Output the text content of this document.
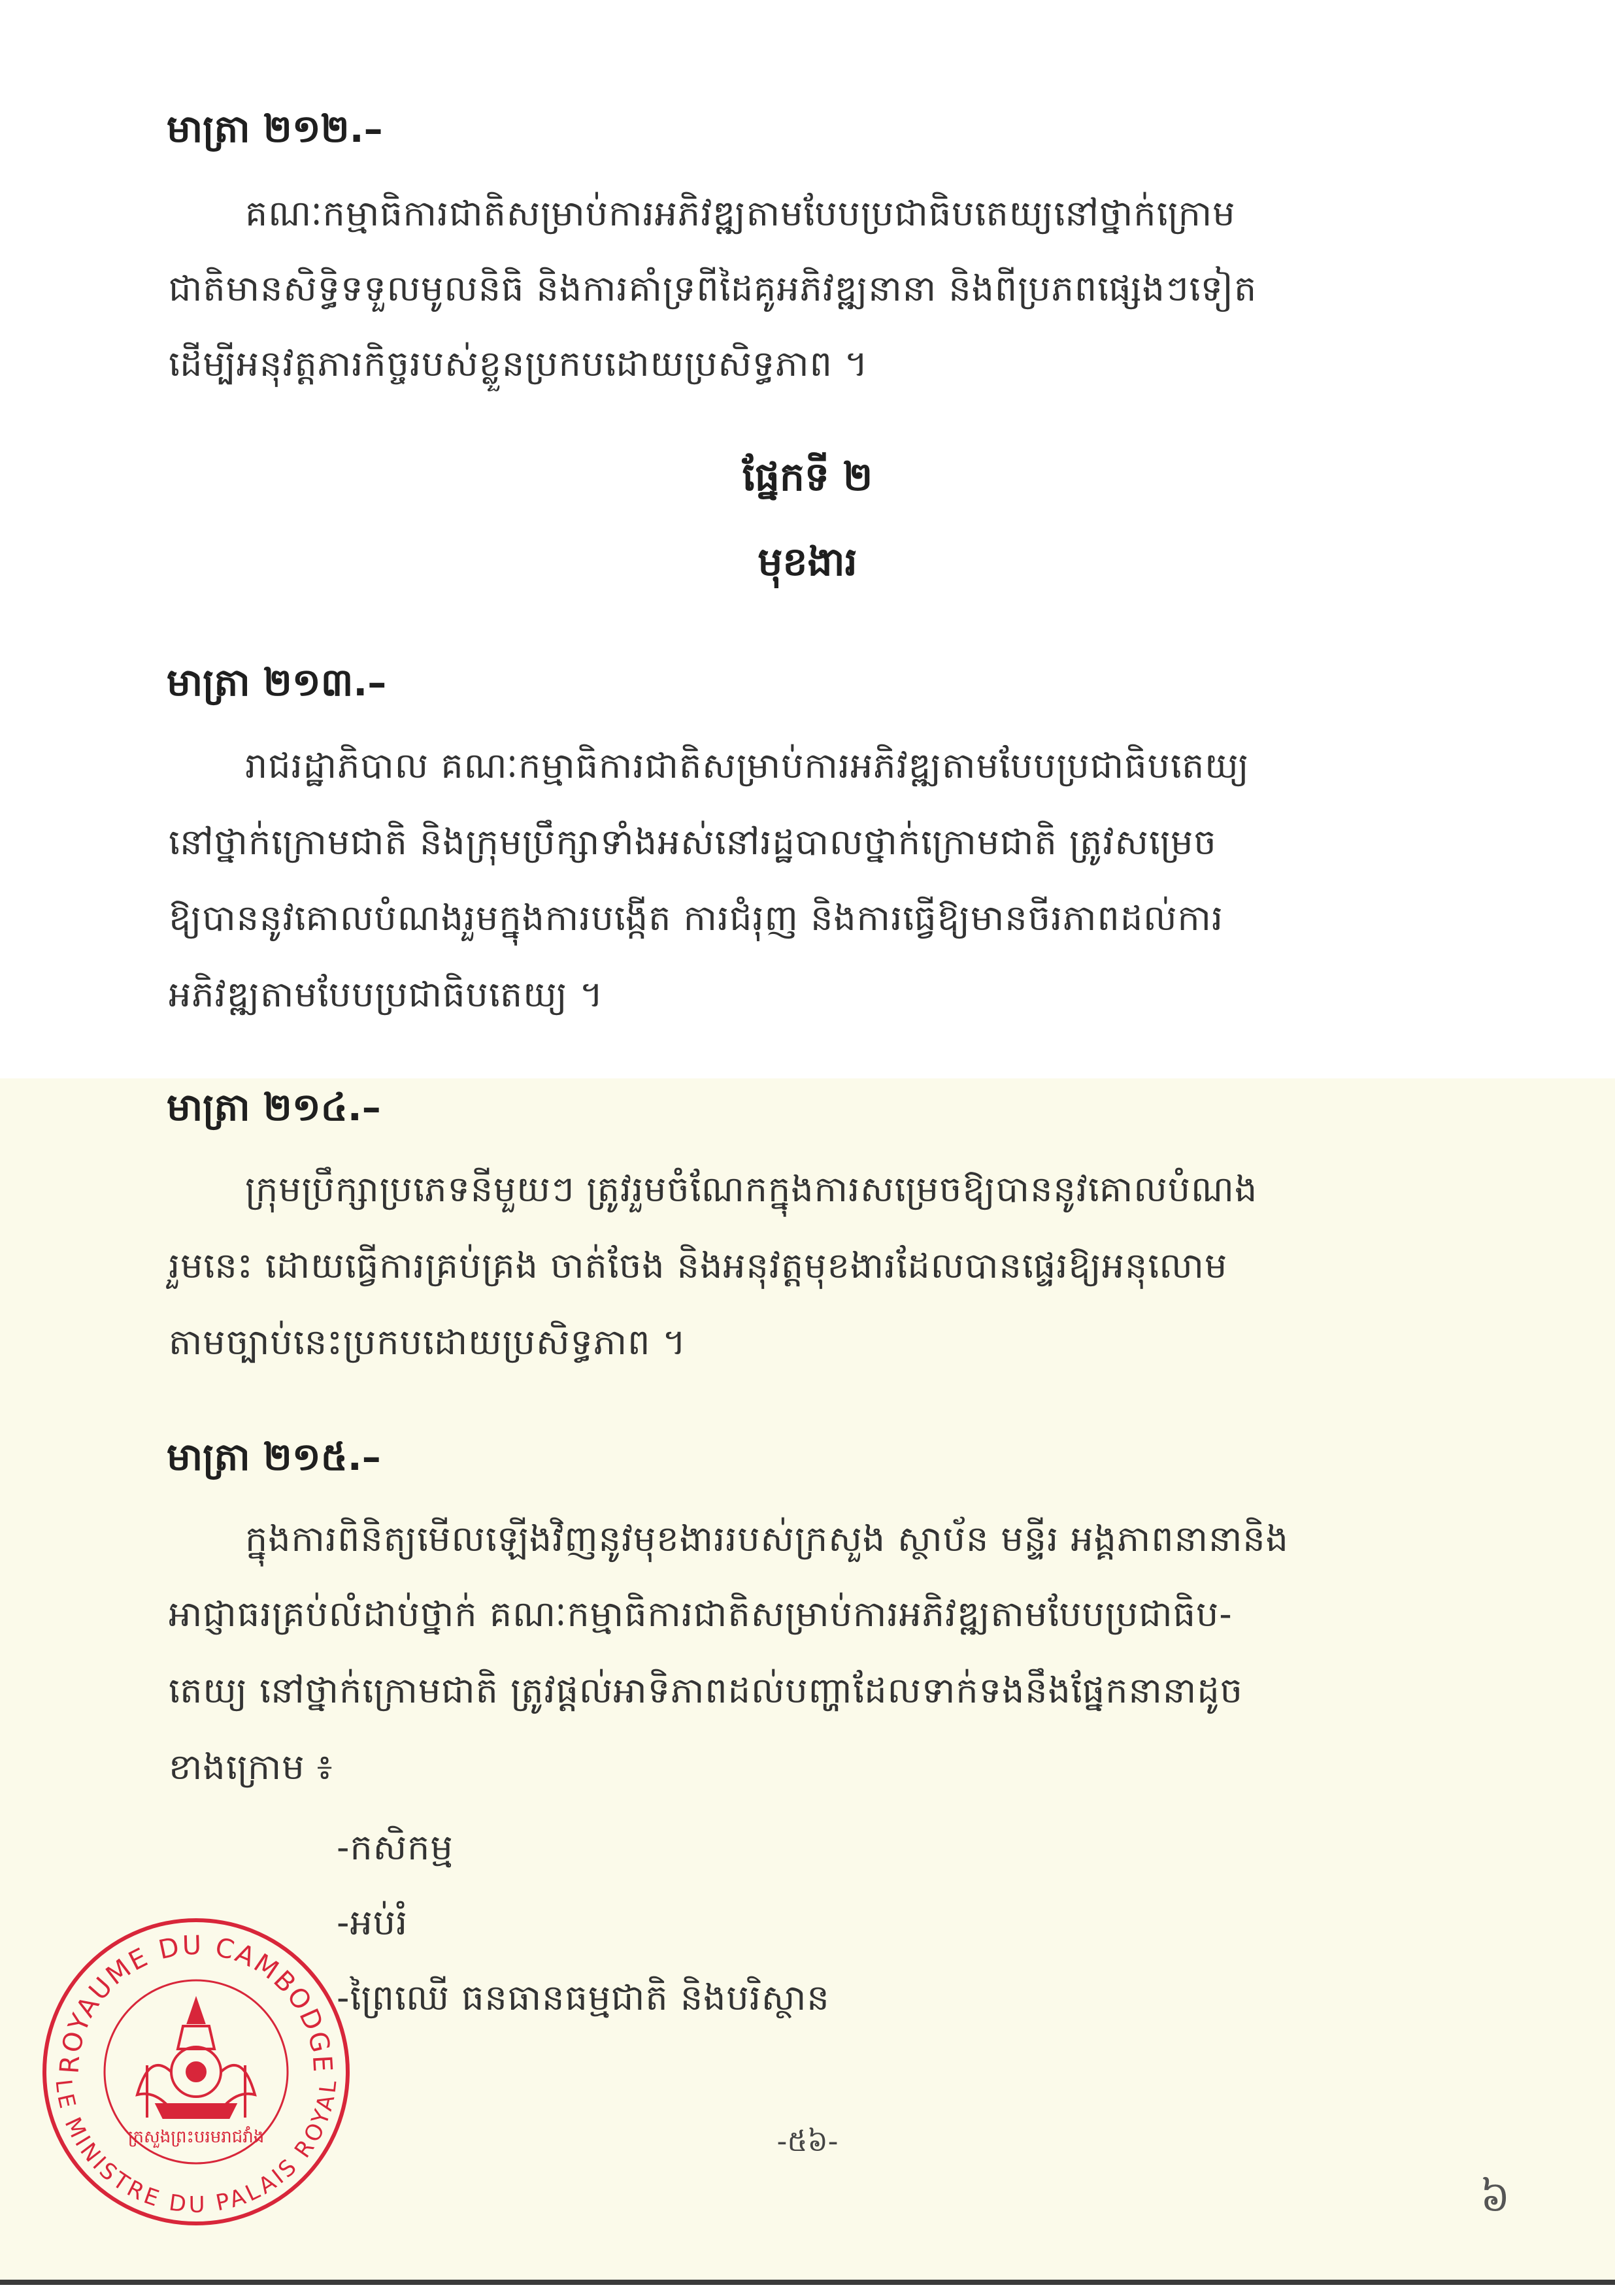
មាត្រា ២១២.–
គណៈកម្មាធិការជាតិសម្រាប់ការអភិវឌ្ឍតាមបែបប្រជាធិបតេយ្យនៅថ្នាក់ក្រោម
ជាតិមានសិទ្ធិទទួលមូលនិធិ និងការគាំទ្រពីដៃគូអភិវឌ្ឍនានា និងពីប្រភពផ្សេងៗទៀត
ដើម្បីអនុវត្តភារកិច្ចរបស់ខ្លួនប្រកបដោយប្រសិទ្ធភាព ។
ផ្នែកទី ២
មុខងារ
មាត្រា ២១៣.–
រាជរដ្ឋាភិបាល គណៈកម្មាធិការជាតិសម្រាប់ការអភិវឌ្ឍតាមបែបប្រជាធិបតេយ្យ
នៅថ្នាក់ក្រោមជាតិ និងក្រុមប្រឹក្សាទាំងអស់នៅរដ្ឋបាលថ្នាក់ក្រោមជាតិ ត្រូវសម្រេច
ឱ្យបាននូវគោលបំណងរួមក្នុងការបង្កើត ការជំរុញ និងការធ្វើឱ្យមានចីរភាពដល់ការ
អភិវឌ្ឍតាមបែបប្រជាធិបតេយ្យ ។
មាត្រា ២១៤.–
ក្រុមប្រឹក្សាប្រភេទនីមួយៗ ត្រូវរួមចំណែកក្នុងការសម្រេចឱ្យបាននូវគោលបំណង
រួមនេះ ដោយធ្វើការគ្រប់គ្រង ចាត់ចែង និងអនុវត្តមុខងារដែលបានផ្ទេរឱ្យអនុលោម
តាមច្បាប់នេះប្រកបដោយប្រសិទ្ធភាព ។
មាត្រា ២១៥.–
ក្នុងការពិនិត្យមើលឡើងវិញនូវមុខងាររបស់ក្រសួង ស្ថាប័ន មន្ទីរ អង្គភាពនានានិង
អាជ្ញាធរគ្រប់លំដាប់ថ្នាក់ គណៈកម្មាធិការជាតិសម្រាប់ការអភិវឌ្ឍតាមបែបប្រជាធិប-
តេយ្យ នៅថ្នាក់ក្រោមជាតិ ត្រូវផ្តល់អាទិភាពដល់បញ្ហាដែលទាក់ទងនឹងផ្នែកនានាដូច
ខាងក្រោម ៖
-កសិកម្ម
-អប់រំ
-ព្រៃឈើ ធនធានធម្មជាតិ និងបរិស្ថាន
-៥៦-
៦
ROYAUME DU CAMBODGE
LE MINISTRE DU PALAIS ROYAL
ក្រសួងព្រះបរមរាជវាំង
